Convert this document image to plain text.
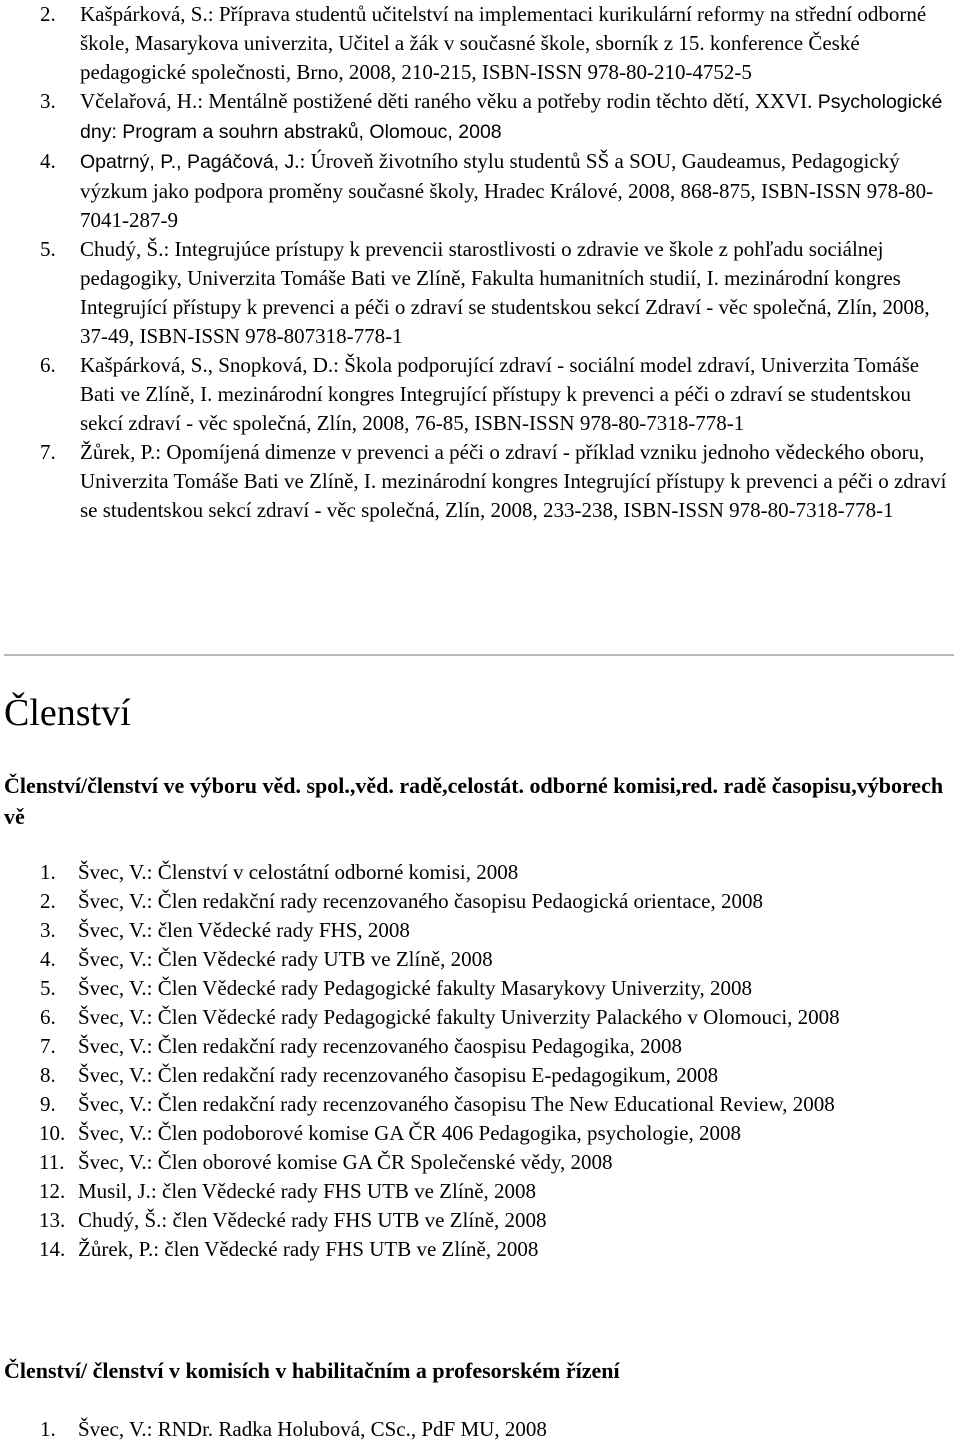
2. Kašpárková, S.: Příprava studentů učitelství na implementaci kurikulární reformy na střední odborné škole, Masarykova univerzita, Učitel a žák v současné škole, sborník z 15. konference České pedagogické společnosti, Brno, 2008, 210-215, ISBN-ISSN 978-80-210-4752-5
3. Včelařová, H.: Mentálně postižené děti raného věku a potřeby rodin těchto dětí, XXVI. Psychologické dny: Program a souhrn abstraků, Olomouc, 2008
4. Opatrný, P., Pagáčová, J.: Úroveň životního stylu studentů SŠ a SOU, Gaudeamus, Pedagogický výzkum jako podpora proměny současné školy, Hradec Králové, 2008, 868-875, ISBN-ISSN 978-80-7041-287-9
5. Chudý, Š.: Integrujúce prístupy k prevencii starostlivosti o zdravie ve škole z pohľadu sociálnej pedagogiky, Univerzita Tomáše Bati ve Zlíně, Fakulta humanitních studií, I. mezinárodní kongres Integrující přístupy k prevenci a péči o zdraví se studentskou sekcí Zdraví - věc společná, Zlín, 2008, 37-49, ISBN-ISSN 978-807318-778-1
6. Kašpárková, S., Snopková, D.: Škola podporující zdraví - sociální model zdraví, Univerzita Tomáše Bati ve Zlíně, I. mezinárodní kongres Integrující přístupy k prevenci a péči o zdraví se studentskou sekcí zdraví - věc společná, Zlín, 2008, 76-85, ISBN-ISSN 978-80-7318-778-1
7. Žůrek, P.: Opomíjená dimenze v prevenci a péči o zdraví - příklad vzniku jednoho vědeckého oboru, Univerzita Tomáše Bati ve Zlíně, I. mezinárodní kongres Integrující přístupy k prevenci a péči o zdraví se studentskou sekcí zdraví - věc společná, Zlín, 2008, 233-238, ISBN-ISSN 978-80-7318-778-1
Členství
Členství/členství ve výboru věd. spol.,věd. radě,celostát. odborné komisi,red. radě časopisu,výborech vě
1. Švec, V.: Členství v celostátní odborné komisi, 2008
2. Švec, V.: Člen redakční rady recenzovaného časopisu Pedaogická orientace, 2008
3. Švec, V.: člen Vědecké rady FHS, 2008
4. Švec, V.: Člen Vědecké rady UTB ve Zlíně, 2008
5. Švec, V.: Člen Vědecké rady Pedagogické fakulty Masarykovy Univerzity, 2008
6. Švec, V.: Člen Vědecké rady Pedagogické fakulty Univerzity Palackého v Olomouci, 2008
7. Švec, V.: Člen redakční rady recenzovaného čaospisu Pedagogika, 2008
8. Švec, V.: Člen redakční rady recenzovaného časopisu E-pedagogikum, 2008
9. Švec, V.: Člen redakční rady recenzovaného časopisu The New Educational Review, 2008
10. Švec, V.: Člen podoborové komise GA ČR 406 Pedagogika, psychologie, 2008
11. Švec, V.: Člen oborové komise GA ČR Společenské vědy, 2008
12. Musil, J.: člen Vědecké rady FHS UTB ve Zlíně, 2008
13. Chudý, Š.: člen Vědecké rady FHS UTB ve Zlíně, 2008
14. Žůrek, P.: člen Vědecké rady FHS UTB ve Zlíně, 2008
Členství/ členství v komisích v habilitačním a profesorském řízení
1. Švec, V.: RNDr. Radka Holubová, CSc., PdF MU, 2008
